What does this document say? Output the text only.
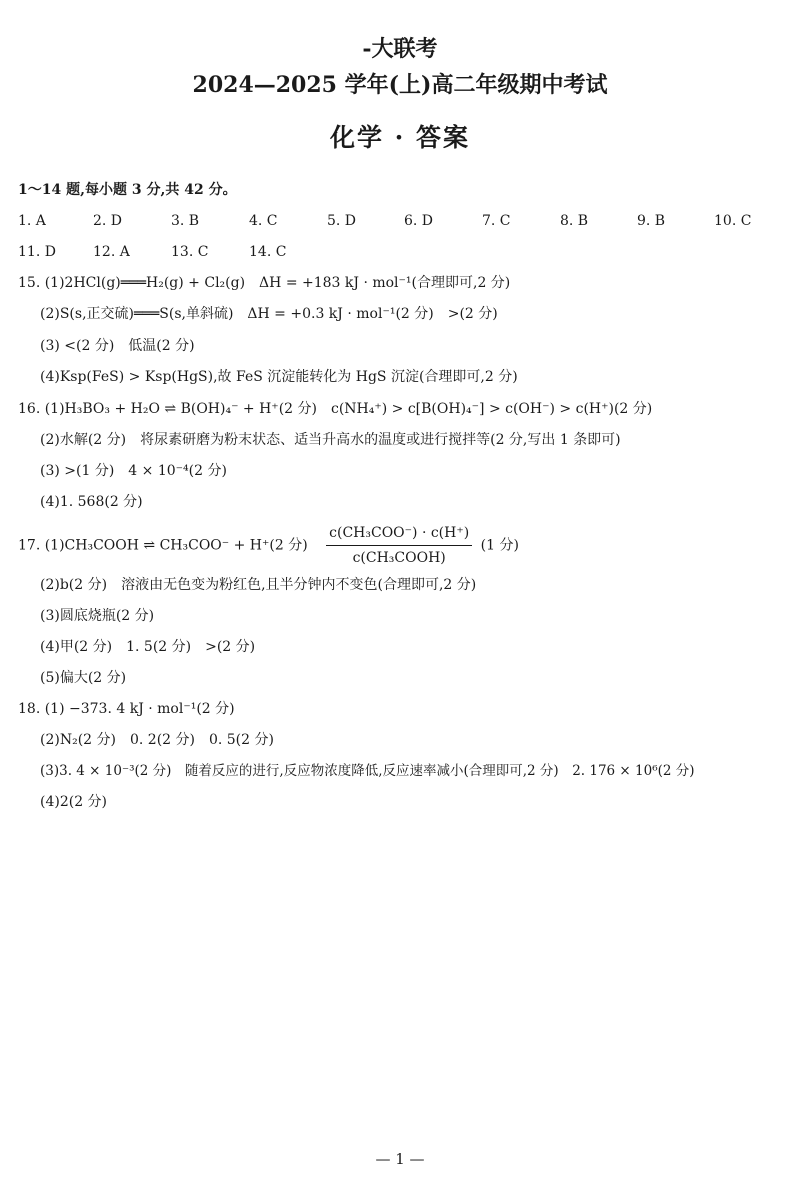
-大联考
2024—2025 学年(上)高二年级期中考试
化学 · 答案
1～14 题,每小题 3 分,共 42 分。
1. A	2. D	3. B	4. C	5. D	6. D	7. C	8. B	9. B	10. C
11. D	12. A	13. C	14. C
15. (1)2HCl(g)═══H₂(g) + Cl₂(g)　ΔH = +183 kJ · mol⁻¹(合理即可,2 分)
(2)S(s,正交硫)═══S(s,单斜硫)　ΔH = +0.3 kJ · mol⁻¹(2 分)　>(2 分)
(3) <(2 分)　低温(2 分)
(4)Ksp(FeS) > Ksp(HgS),故 FeS 沉淀能转化为 HgS 沉淀(合理即可,2 分)
16. (1)H₃BO₃ + H₂O ⇌ B(OH)₄⁻ + H⁺(2 分)　c(NH₄⁺) > c[B(OH)₄⁻] > c(OH⁻) > c(H⁺)(2 分)
(2)水解(2 分)　将尿素研磨为粉末状态、适当升高水的温度或进行搅拌等(2 分,写出 1 条即可)
(3) >(1 分)　4 × 10⁻⁴(2 分)
(4)1. 568(2 分)
17. (1)CH₃COOH ⇌ CH₃COO⁻ + H⁺(2 分) $\frac{\text{c(CH₃COO⁻) · c(H⁺)}}{\text{c(CH₃COOH)}} (1$ 分)
(2)b(2 分)　溶液由无色变为粉红色,且半分钟内不变色(合理即可,2 分)
(3)圆底烧瓶(2 分)
(4)甲(2 分)　1. 5(2 分)　>(2 分)
(5)偏大(2 分)
18. (1) −373. 4 kJ · mol⁻¹(2 分)
(2)N₂(2 分)　0. 2(2 分)　0. 5(2 分)
(3)3. 4 × 10⁻³(2 分)　随着反应的进行,反应物浓度降低,反应速率减小(合理即可,2 分)　2. 176 × 10⁶(2 分)
(4)2(2 分)
— 1 —
